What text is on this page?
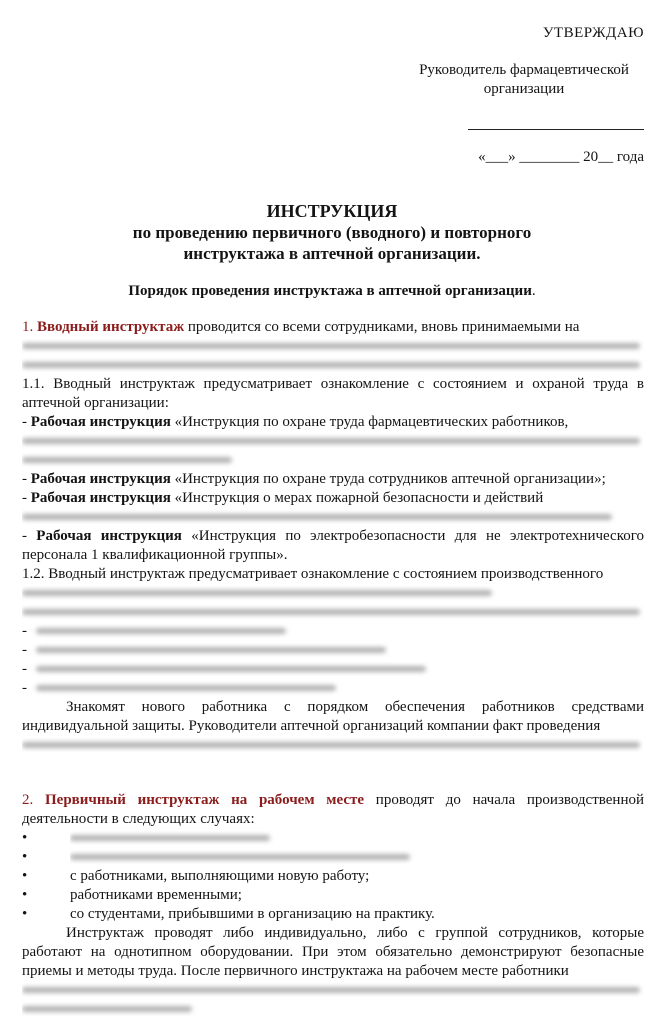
УТВЕРЖДАЮ
Руководитель фармацевтической организации
«___» ________ 20__ года
ИНСТРУКЦИЯ
по проведению первичного (вводного) и повторного
инструктажа в аптечной организации.
Порядок проведения инструктажа в аптечной организации.

1. Вводный инструктаж проводится со всеми сотрудниками, вновь принимаемыми на

1.1. Вводный инструктаж предусматривает ознакомление с состоянием и охраной труда в аптечной организации:

- Рабочая инструкция «Инструкция по охране труда фармацевтических работников,

- Рабочая инструкция «Инструкция по охране труда сотрудников аптечной организации»;

- Рабочая инструкция «Инструкция о мерах пожарной безопасности и действий

- Рабочая инструкция «Инструкция по электробезопасности для не электротехнического персонала 1 квалификационной группы».

1.2. Вводный инструктаж предусматривает ознакомление с состоянием производственного

-
-
-
-

Знакомят нового работника с порядком обеспечения работников средствами индивидуальной защиты. Руководители аптечной организаций компании факт проведения

2. Первичный инструктаж на рабочем месте проводят до начала производственной деятельности в следующих случаях:

•
•
•	с работниками, выполняющими новую работу;
•	работниками временными;
•	со студентами, прибывшими в организацию на практику.

Инструктаж проводят либо индивидуально, либо с группой сотрудников, которые работают на однотипном оборудовании. При этом обязательно демонстрируют безопасные приемы и методы труда. После первичного инструктажа на рабочем месте работники
